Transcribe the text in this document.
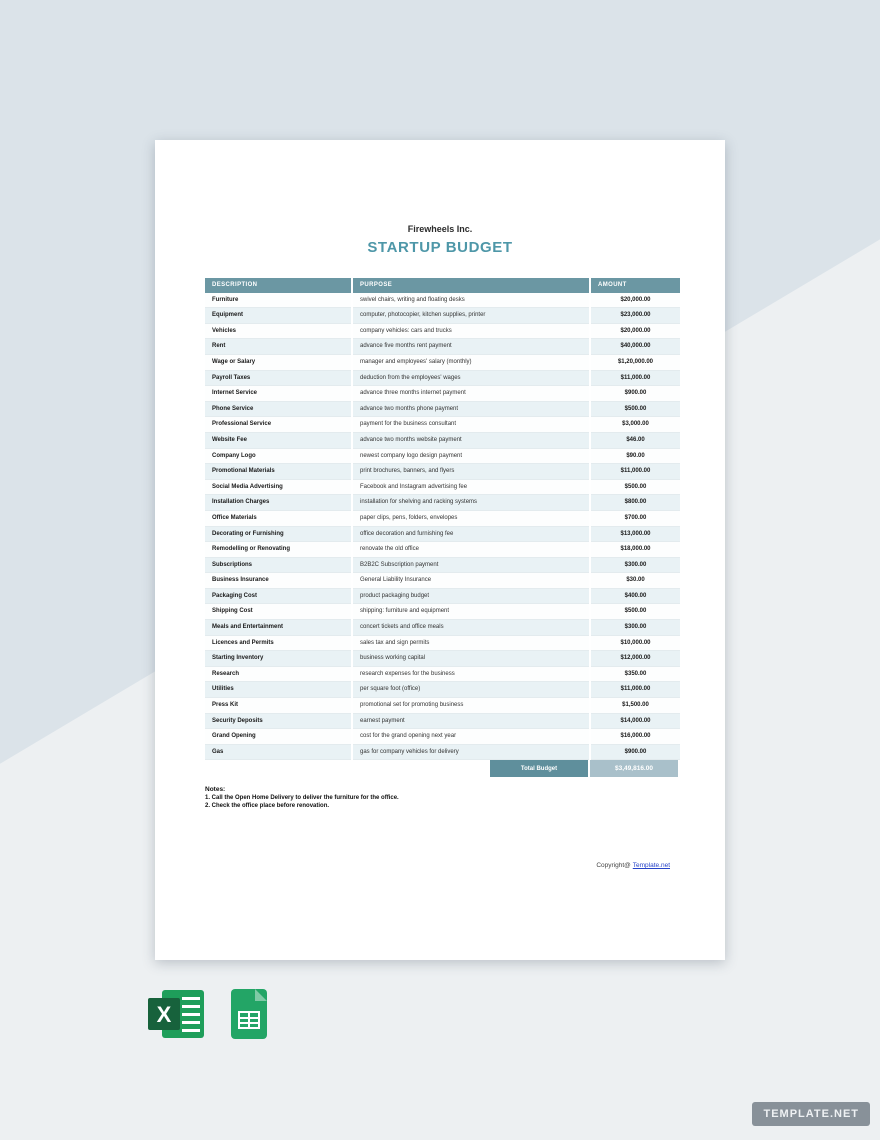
Firewheels Inc.
STARTUP BUDGET
DESCRIPTION	PURPOSE	AMOUNT
Furniture	swivel chairs, writing and floating desks	$20,000.00
Equipment	computer, photocopier, kitchen supplies, printer	$23,000.00
Vehicles	company vehicles: cars and trucks	$20,000.00
Rent	advance five months rent payment	$40,000.00
Wage or Salary	manager and employees' salary (monthly)	$1,20,000.00
Payroll Taxes	deduction from the employees' wages	$11,000.00
Internet Service	advance three months internet payment	$900.00
Phone Service	advance two months phone payment	$500.00
Professional Service	payment for the business consultant	$3,000.00
Website Fee	advance two months website payment	$46.00
Company Logo	newest company logo design payment	$90.00
Promotional Materials	print brochures, banners, and flyers	$11,000.00
Social Media Advertising	Facebook and Instagram advertising fee	$500.00
Installation Charges	installation for shelving and racking systems	$800.00
Office Materials	paper clips, pens, folders, envelopes	$700.00
Decorating or Furnishing	office decoration and furnishing fee	$13,000.00
Remodelling or Renovating	renovate the old office	$18,000.00
Subscriptions	B2B2C Subscription payment	$300.00
Business Insurance	General Liability Insurance	$30.00
Packaging Cost	product packaging budget	$400.00
Shipping Cost	shipping: furniture and equipment	$500.00
Meals and Entertainment	concert tickets and office meals	$300.00
Licences and Permits	sales tax and sign permits	$10,000.00
Starting Inventory	business working capital	$12,000.00
Research	research expenses for the business	$350.00
Utilities	per square foot (office)	$11,000.00
Press Kit	promotional set for promoting business	$1,500.00
Security Deposits	earnest payment	$14,000.00
Grand Opening	cost for the grand opening next year	$16,000.00
Gas	gas for company vehicles for delivery	$900.00
Total Budget	$3,49,816.00
Notes:
1. Call the Open Home Delivery to deliver the furniture for the office.
2. Check the office place before renovation.
Copyright@ Template.net
X
TEMPLATE.NET
